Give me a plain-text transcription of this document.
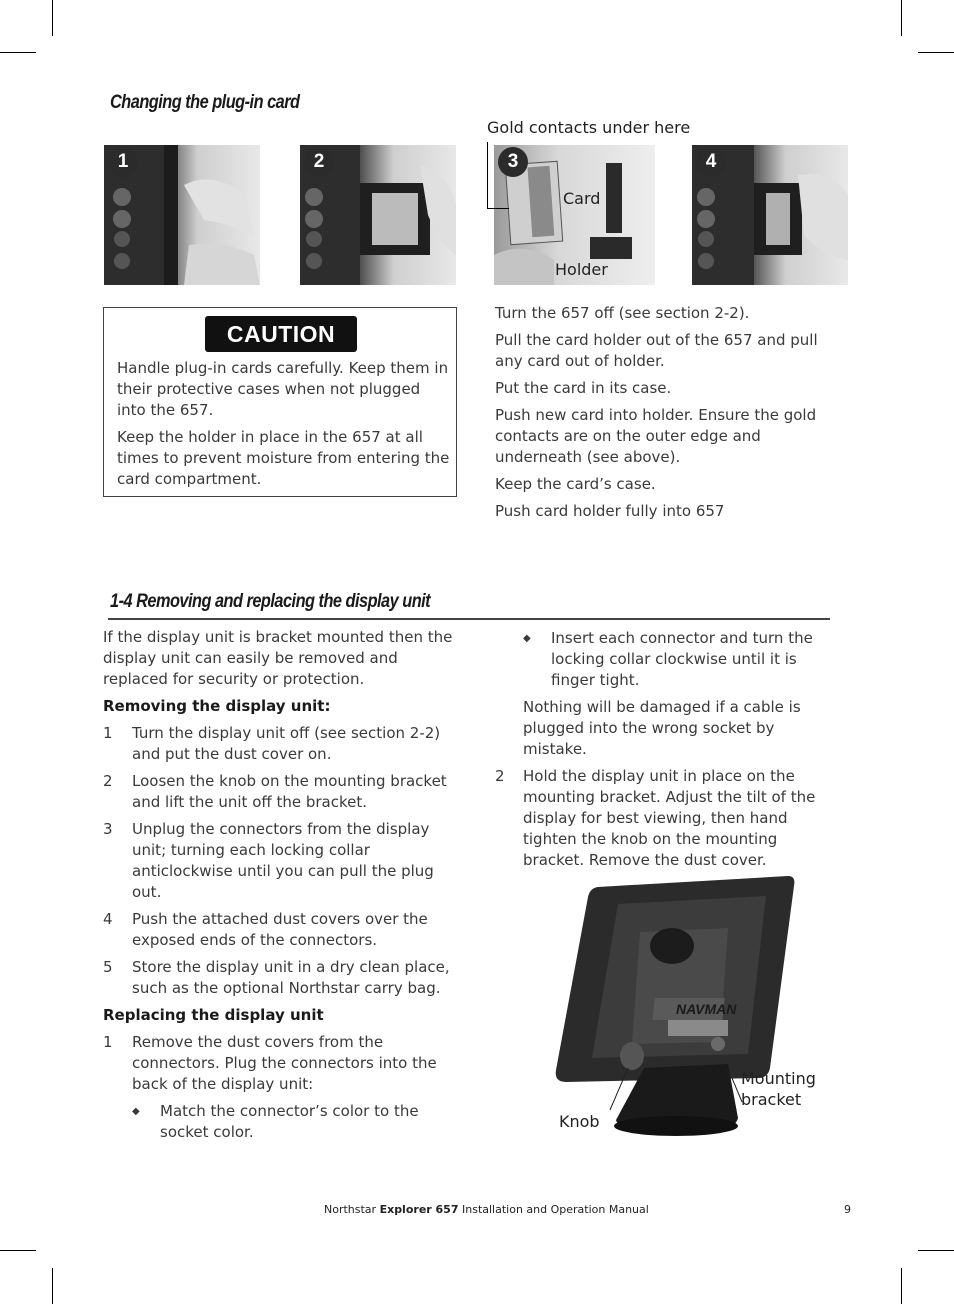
Changing the plug-in card
Gold contacts under here
1	2	3
Card
Holder
4
CAUTION

Handle plug-in cards carefully. Keep them in their protective cases when not plugged into the 657.

Keep the holder in place in the 657 at all times to prevent moisture from entering the card compartment.

Turn the 657 off (see section 2-2).

Pull the card holder out of the 657 and pull any card out of holder.

Put the card in its case.

Push new card into holder. Ensure the gold contacts are on the outer edge and underneath (see above).

Keep the card’s case.

Push card holder fully into 657

1-4 Removing and replacing the display unit

If the display unit is bracket mounted then the display unit can easily be removed and replaced for security or protection.

Removing the display unit:

1	Turn the display unit off (see section 2-2) and put the dust cover on.
2	Loosen the knob on the mounting bracket and lift the unit off the bracket.
3	Unplug the connectors from the display unit; turning each locking collar anticlockwise until you can pull the plug out.
4	Push the attached dust covers over the exposed ends of the connectors.
5	Store the display unit in a dry clean place, such as the optional Northstar carry bag.

Replacing the display unit

1	Remove the dust covers from the connectors. Plug the connectors into the back of the display unit:
◆	Match the connector’s color to the socket color.
◆	Insert each connector and turn the locking collar clockwise until it is finger tight.

Nothing will be damaged if a cable is plugged into the wrong socket by mistake.

2	Hold the display unit in place on the mounting bracket. Adjust the tilt of the display for best viewing, then hand tighten the knob on the mounting bracket. Remove the dust cover.
NAVMAN
Mounting bracket
Knob
Northstar Explorer 657 Installation and Operation Manual	9
